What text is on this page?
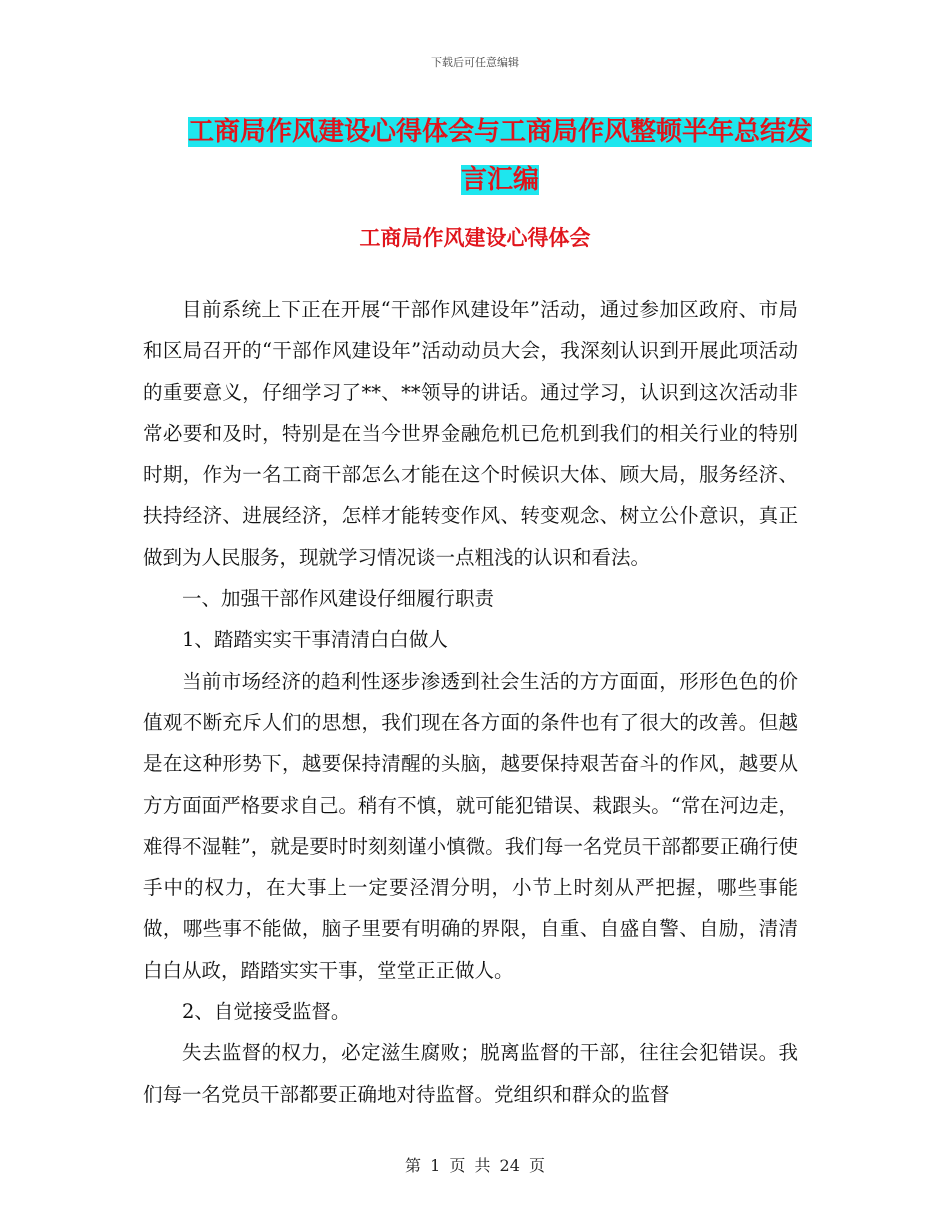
下载后可任意编辑
工商局作风建设心得体会与工商局作风整顿半年总结发言汇编
工商局作风建设心得体会

目前系统上下正在开展“干部作风建设年”活动，通过参加区政府、市局和区局召开的“干部作风建设年”活动动员大会，我深刻认识到开展此项活动的重要意义，仔细学习了**、**领导的讲话。通过学习，认识到这次活动非常必要和及时，特别是在当今世界金融危机已危机到我们的相关行业的特别时期，作为一名工商干部怎么才能在这个时候识大体、顾大局，服务经济、扶持经济、进展经济，怎样才能转变作风、转变观念、树立公仆意识，真正做到为人民服务，现就学习情况谈一点粗浅的认识和看法。

一、加强干部作风建设仔细履行职责

1、踏踏实实干事清清白白做人

当前市场经济的趋利性逐步渗透到社会生活的方方面面，形形色色的价值观不断充斥人们的思想，我们现在各方面的条件也有了很大的改善。但越是在这种形势下，越要保持清醒的头脑，越要保持艰苦奋斗的作风，越要从方方面面严格要求自己。稍有不慎，就可能犯错误、栽跟头。“常在河边走，难得不湿鞋”，就是要时时刻刻谨小慎微。我们每一名党员干部都要正确行使手中的权力，在大事上一定要泾渭分明，小节上时刻从严把握，哪些事能做，哪些事不能做，脑子里要有明确的界限，自重、自盛自警、自励，清清白白从政，踏踏实实干事，堂堂正正做人。

2、自觉接受监督。

失去监督的权力，必定滋生腐败；脱离监督的干部，往往会犯错误。我们每一名党员干部都要正确地对待监督。党组织和群众的监督

第 1 页 共 24 页
